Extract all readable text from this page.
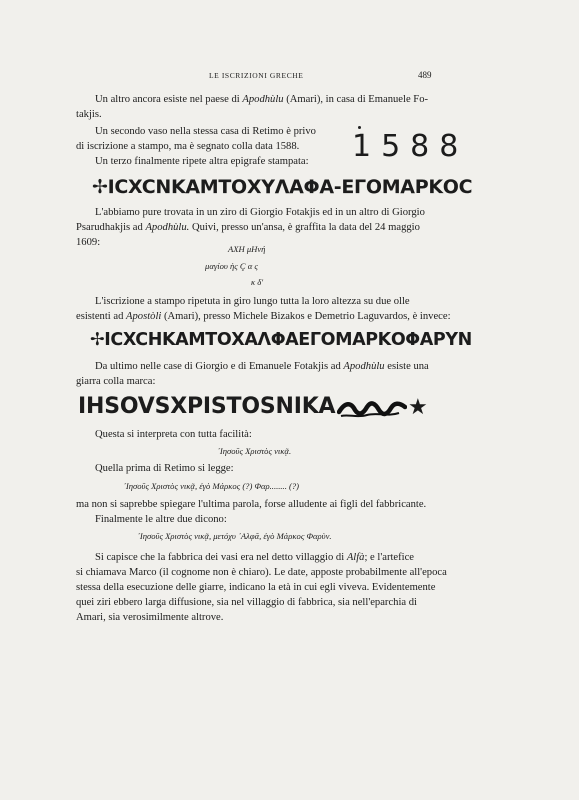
LE ISCRIZIONI GRECHE	489
Un altro ancora esiste nel paese di Apodhùlu (Amari), in casa di Emanuele Fo-
takjis.
Un secondo vaso nella stessa casa di Retimo è privo
di iscrizione a stampo, ma è segnato colla data 1588. 1588
Un terzo finalmente ripete altra epigrafe stampata:
✢ΙCXCΝΚΑΜΤΟΧΥΛΑΦΑ-ΕΓΟΜΑΡΚΟC
L'abbiamo pure trovata in un ziro di Giorgio Fotakjis ed in un altro di Giorgio
Psarudhakjis ad Apodhùlu. Quivi, presso un'ansa, è graffita la data del 24 maggio
1609:
ΑΧΗ μΗνή
μαγίου ἡς Ç α ς
κ δ'
L'iscrizione a stampo ripetuta in giro lungo tutta la loro altezza su due olle
esistenti ad Apostòli (Amari), presso Michele Bizakos e Demetrio Laguvardos, è invece:
✢ΙCXCΗΚΑΜΤΟΧΑΛΦΑΕΓΟΜΑΡΚΟΦΑΡΥΝ
Da ultimo nelle case di Giorgio e di Emanuele Fotakjis ad Apodhùlu esiste una
giarra colla marca:
IHSOVSXPISTOSNIKA	★
Questa si interpreta con tutta facilità:
᾽Ιησοῦς Χριστὸς νικᾷ.
Quella prima di Retimo si legge:
᾽Ιησοῦς Χριστὸς νικᾷ, ἐγὸ Μάρκος (?) Φαρ........ (?)
ma non si saprebbe spiegare l'ultima parola, forse alludente ai figli del fabbricante.
Finalmente le altre due dicono:
᾽Ιησοῦς Χριστὸς νικᾷ, μετόχυ ᾽Αλφᾶ, ἐγὸ Μάρκος Φαρὺν.
Si capisce che la fabbrica dei vasi era nel detto villaggio di Alfà; e l'artefice
si chiamava Marco (il cognome non è chiaro). Le date, apposte probabilmente all'epoca
stessa della esecuzione delle giarre, indicano la età in cui egli viveva. Evidentemente
quei ziri ebbero larga diffusione, sia nel villaggio di fabbrica, sia nell'eparchia di
Amari, sia verosimilmente altrove.
